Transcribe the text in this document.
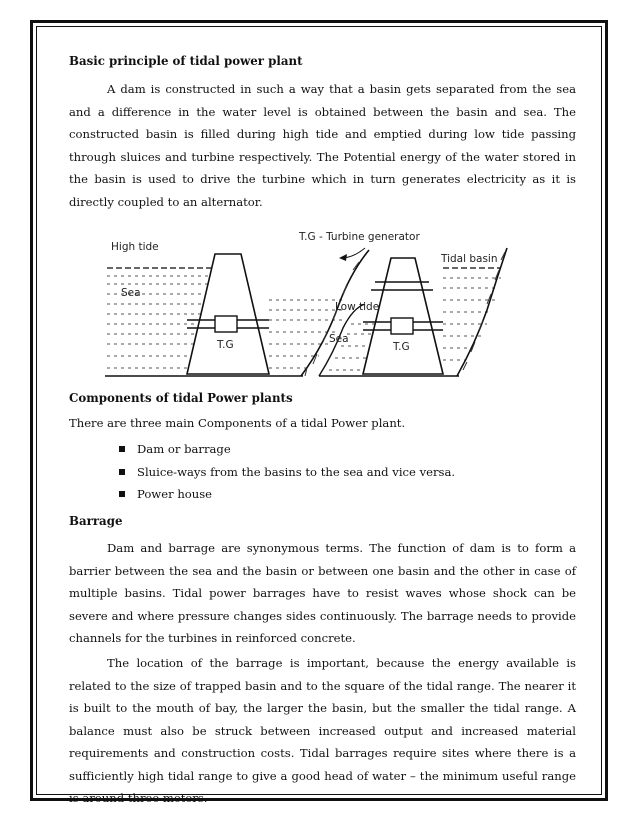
Basic principle of tidal power plant

A dam is constructed in such a way that a basin gets separated from the sea and a difference in the water level is obtained between the basin and sea. The constructed basin is filled during high tide and emptied during low tide passing through sluices and turbine respectively. The Potential energy of the water stored in the basin is used to drive the turbine which in turn generates electricity as it is directly coupled to an alternator.

High tide
T.G - Turbine generator
Tidal basin
Sea
Low tide
Sea
T.G	T.G
Components of tidal Power plants

There are three main Components of a tidal Power plant.

Dam or barrage
Sluice-ways from the basins to the sea and vice versa.
Power house
Barrage

Dam and barrage are synonymous terms. The function of dam is to form a barrier between the sea and the basin or between one basin and the other in case of multiple basins. Tidal power barrages have to resist waves whose shock can be severe and where pressure changes sides continuously. The barrage needs to provide channels for the turbines in reinforced concrete.

The location of the barrage is important, because the energy available is related to the size of trapped basin and to the square of the tidal range. The nearer it is built to the mouth of bay, the larger the basin, but the smaller the tidal range. A balance must also be struck between increased output and increased material requirements and construction costs. Tidal barrages require sites where there is a sufficiently high tidal range to give a good head of water – the minimum useful range is around three meters.
